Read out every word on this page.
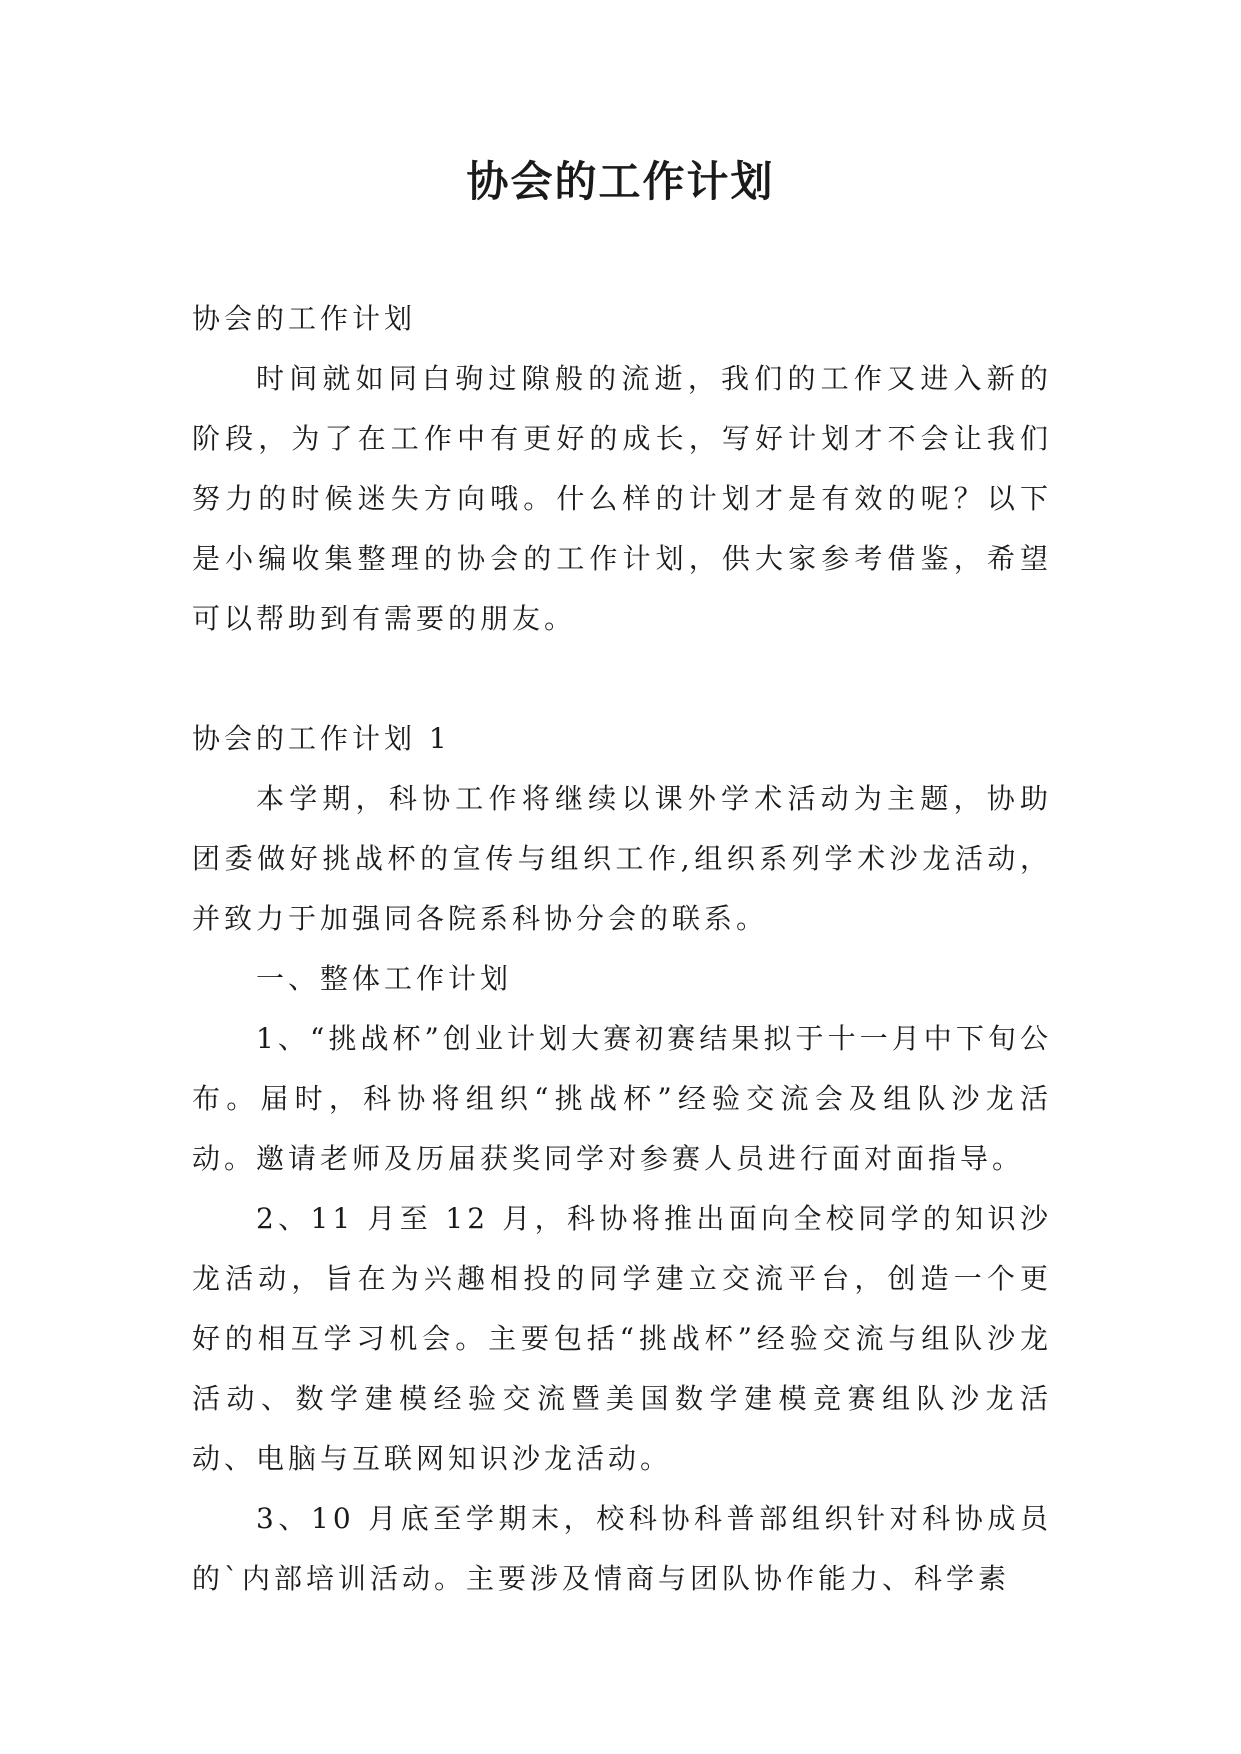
协会的工作计划

协会的工作计划

时间就如同白驹过隙般的流逝，我们的工作又进入新的阶段，为了在工作中有更好的成长，写好计划才不会让我们努力的时候迷失方向哦。什么样的计划才是有效的呢？以下是小编收集整理的协会的工作计划，供大家参考借鉴，希望可以帮助到有需要的朋友。

协会的工作计划 1

本学期，科协工作将继续以课外学术活动为主题，协助团委做好挑战杯的宣传与组织工作,组织系列学术沙龙活动，并致力于加强同各院系科协分会的联系。

一、整体工作计划

1、“挑战杯”创业计划大赛初赛结果拟于十一月中下旬公布。届时，科协将组织“挑战杯”经验交流会及组队沙龙活动。邀请老师及历届获奖同学对参赛人员进行面对面指导。

2、11 月至 12 月，科协将推出面向全校同学的知识沙龙活动，旨在为兴趣相投的同学建立交流平台，创造一个更好的相互学习机会。主要包括“挑战杯”经验交流与组队沙龙活动、数学建模经验交流暨美国数学建模竞赛组队沙龙活动、电脑与互联网知识沙龙活动。

3、10 月底至学期末，校科协科普部组织针对科协成员的`内部培训活动。主要涉及情商与团队协作能力、科学素
